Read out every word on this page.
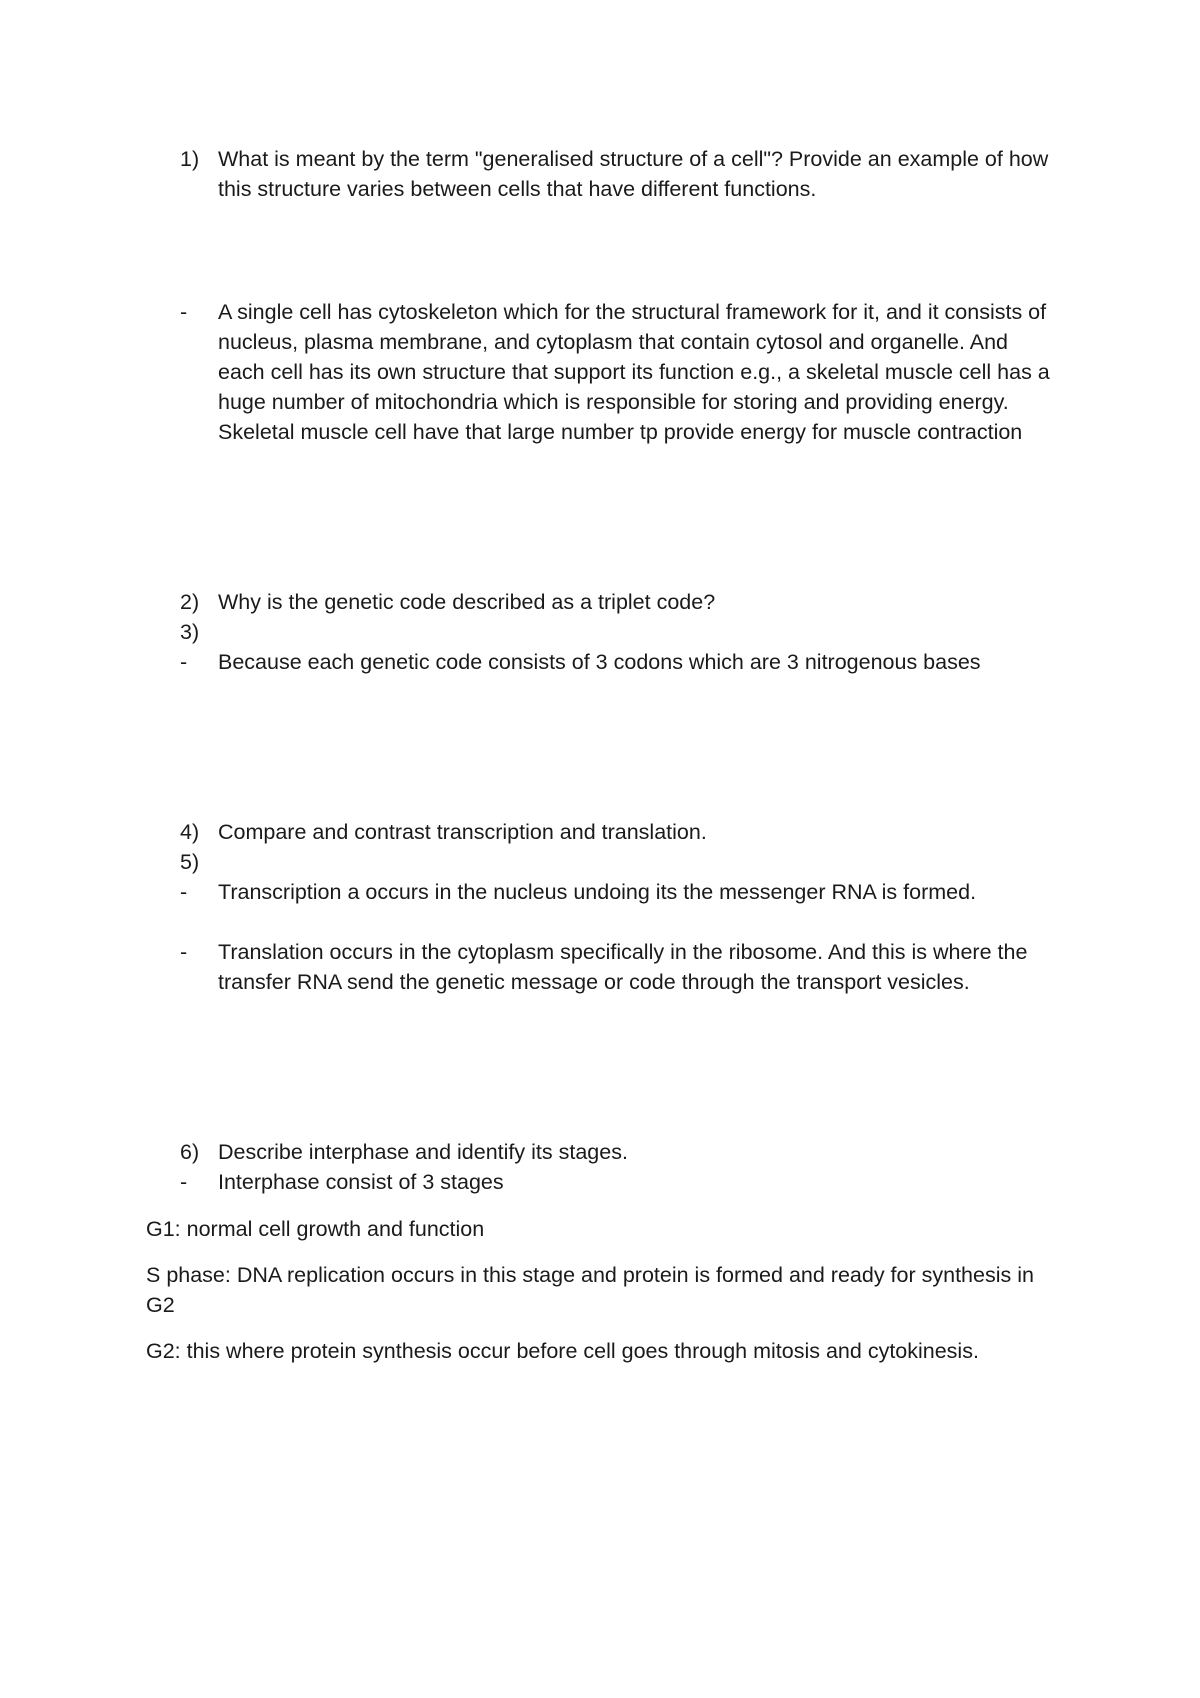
1) What is meant by the term "generalised structure of a cell"? Provide an example of how this structure varies between cells that have different functions.
- A single cell has cytoskeleton which for the structural framework for it, and it consists of nucleus, plasma membrane, and cytoplasm that contain cytosol and organelle. And each cell has its own structure that support its function e.g., a skeletal muscle cell has a huge number of mitochondria which is responsible for storing and providing energy. Skeletal muscle cell have that large number tp provide energy for muscle contraction
2) Why is the genetic code described as a triplet code?
3)
- Because each genetic code consists of 3 codons which are 3 nitrogenous bases
4) Compare and contrast transcription and translation.
5)
- Transcription a occurs in the nucleus undoing its the messenger RNA is formed.
- Translation occurs in the cytoplasm specifically in the ribosome. And this is where the transfer RNA send the genetic message or code through the transport vesicles.
6) Describe interphase and identify its stages.
- Interphase consist of 3 stages
G1: normal cell growth and function
S phase: DNA replication occurs in this stage and protein is formed and ready for synthesis in G2
G2: this where protein synthesis occur before cell goes through mitosis and cytokinesis.
